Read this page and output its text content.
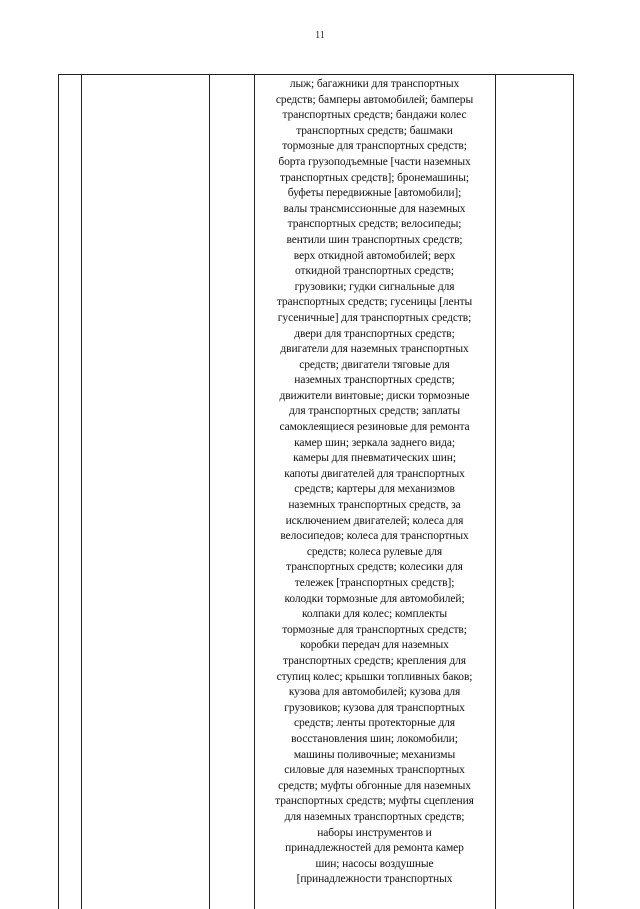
11
лыж; багажники для транспортных
средств; бамперы автомобилей; бамперы
транспортных средств; бандажи колес
транспортных средств; башмаки
тормозные для транспортных средств;
борта грузоподъемные [части наземных
транспортных средств]; бронемашины;
буфеты передвижные [автомобили];
валы трансмиссионные для наземных
транспортных средств; велосипеды;
вентили шин транспортных средств;
верх откидной автомобилей; верх
откидной транспортных средств;
грузовики; гудки сигнальные для
транспортных средств; гусеницы [ленты
гусеничные] для транспортных средств;
двери для транспортных средств;
двигатели для наземных транспортных
средств; двигатели тяговые для
наземных транспортных средств;
движители винтовые; диски тормозные
для транспортных средств; заплаты
самоклеящиеся резиновые для ремонта
камер шин; зеркала заднего вида;
камеры для пневматических шин;
капоты двигателей для транспортных
средств; картеры для механизмов
наземных транспортных средств, за
исключением двигателей; колеса для
велосипедов; колеса для транспортных
средств; колеса рулевые для
транспортных средств; колесики для
тележек [транспортных средств];
колодки тормозные для автомобилей;
колпаки для колес; комплекты
тормозные для транспортных средств;
коробки передач для наземных
транспортных средств; крепления для
ступиц колес; крышки топливных баков;
кузова для автомобилей; кузова для
грузовиков; кузова для транспортных
средств; ленты протекторные для
восстановления шин; локомобили;
машины поливочные; механизмы
силовые для наземных транспортных
средств; муфты обгонные для наземных
транспортных средств; муфты сцепления
для наземных транспортных средств;
наборы инструментов и
принадлежностей для ремонта камер
шин; насосы воздушные
[принадлежности транспортных
